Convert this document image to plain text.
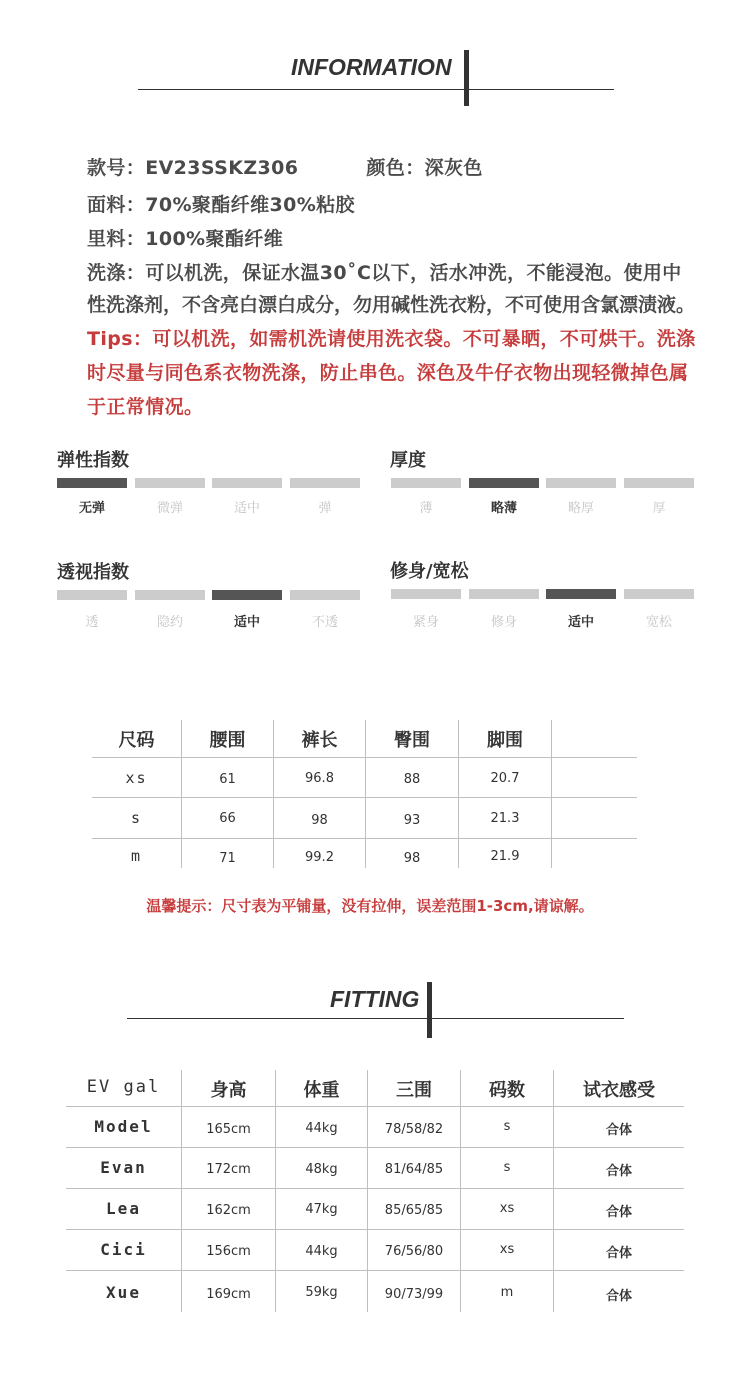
INFORMATION
款号：EV23SSKZ306	颜色：深灰色
面料：70%聚酯纤维30%粘胶
里料：100%聚酯纤维
洗涤：可以机洗，保证水温30˚C以下，活水冲洗，不能浸泡。使用中
性洗涤剂，不含亮白漂白成分，勿用碱性洗衣粉，不可使用含氯漂渍液。
Tips：可以机洗，如需机洗请使用洗衣袋。不可暴晒，不可烘干。洗涤
时尽量与同色系衣物洗涤，防止串色。深色及牛仔衣物出现轻微掉色属
于正常情况。
弹性指数
无弹	微弹	适中	弹
厚度
薄	略薄	略厚	厚
透视指数
透	隐约	适中	不透
修身/宽松
紧身	修身	适中	宽松
尺码	腰围	裤长	臀围	脚围
xs	61	96.8	88	20.7
s	66	98	93	21.3
m	71	99.2	98	21.9
温馨提示：尺寸表为平铺量，没有拉伸，误差范围1-3cm,请谅解。
FITTING
EV gal	身高	体重	三围	码数	试衣感受
Model	165cm	44kg	78/58/82	s	合体
Evan	172cm	48kg	81/64/85	s	合体
Lea	162cm	47kg	85/65/85	xs	合体
Cici	156cm	44kg	76/56/80	xs	合体
Xue	169cm	59kg	90/73/99	m	合体
